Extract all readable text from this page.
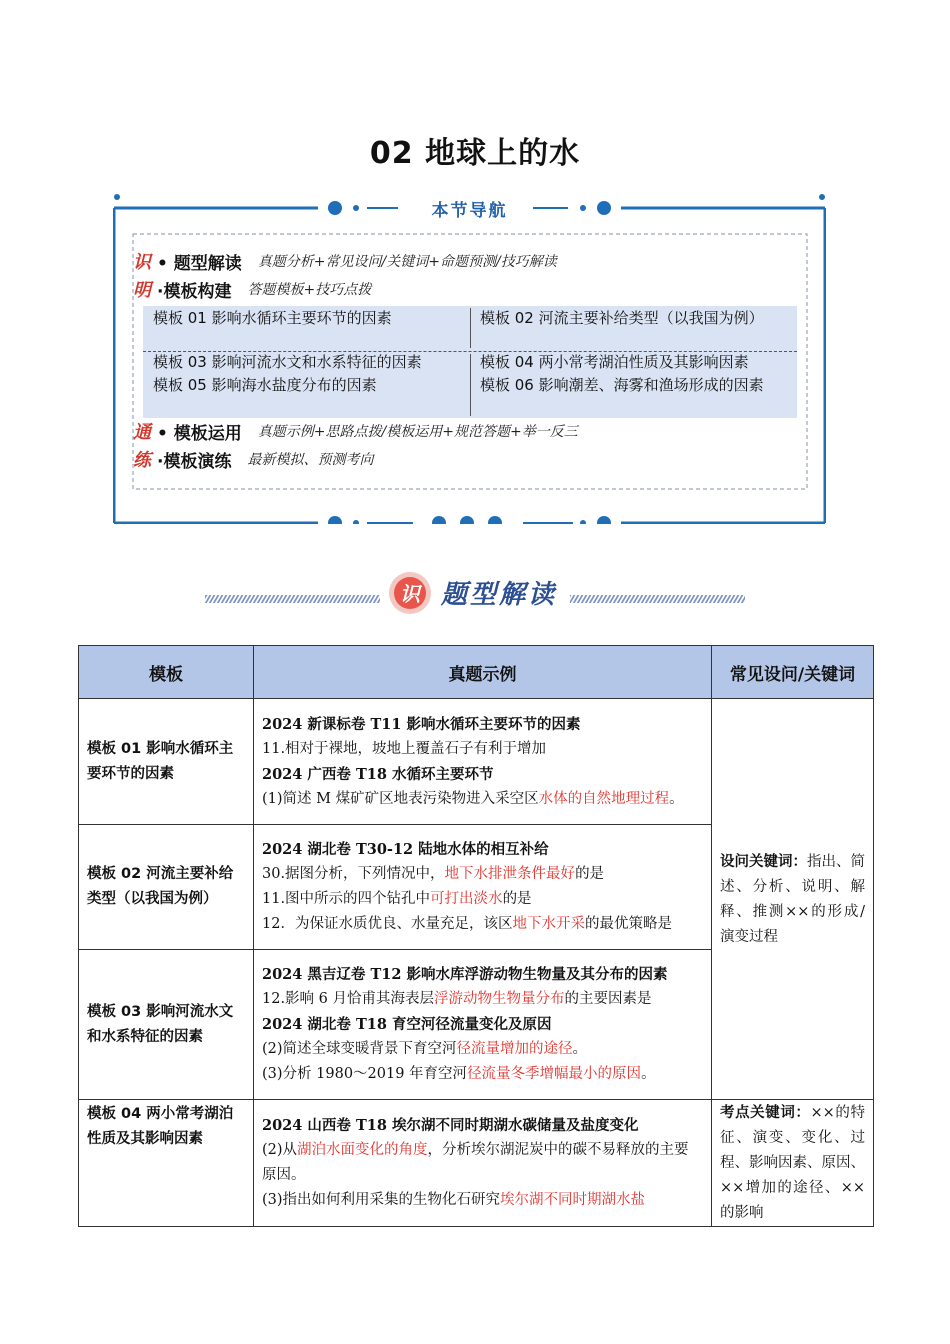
02 地球上的水
本节导航
识 • 题型解读 真题分析+常见设问/关键词+命题预测/技巧解读
明 ·模板构建 答题模板+技巧点拨
模板 01 影响水循环主要环节的因素	模板 02 河流主要补给类型（以我国为例）
模板 03 影响河流水文和水系特征的因素	模板 04 两小常考湖泊性质及其影响因素
模板 05 影响海水盐度分布的因素	模板 06 影响潮差、海雾和渔场形成的因素
通 • 模板运用 真题示例+思路点拨/模板运用+规范答题+举一反三
练 ·模板演练 最新模拟、预测考向
识 题型解读
模板	真题示例	常见设问/关键词
模板 01 影响水循环主要环节的因素	2024 新课标卷 T11 影响水循环主要环节的因素
11.相对于裸地，坡地上覆盖石子有利于增加
2024 广西卷 T18 水循环主要环节
(1)简述 M 煤矿矿区地表污染物进入采空区水体的自然地理过程。	设问关键词：指出、简述、分析、说明、解释、推测××的形成/演变过程
模板 02 河流主要补给类型（以我国为例）	2024 湖北卷 T30-12 陆地水体的相互补给
30.据图分析，下列情况中，地下水排泄条件最好的是
11.图中所示的四个钻孔中可打出淡水的是
12．为保证水质优良、水量充足，该区地下水开采的最优策略是	

模板 03 影响河流水文和水系特征的因素	2024 黑吉辽卷 T12 影响水库浮游动物生物量及其分布的因素
12.影响 6 月恰甫其海表层浮游动物生物量分布的主要因素是
2024 湖北卷 T18 育空河径流量变化及原因
(2)简述全球变暖背景下育空河径流量增加的途径。
(3)分析 1980～2019 年育空河径流量冬季增幅最小的原因。	

模板 04 两小常考湖泊性质及其影响因素	2024 山西卷 T18 埃尔湖不同时期湖水碳储量及盐度变化
(2)从湖泊水面变化的角度，分析埃尔湖泥炭中的碳不易释放的主要原因。
(3)指出如何利用采集的生物化石研究埃尔湖不同时期湖水盐	考点关键词：××的特征、演变、变化、过程、影响因素、原因、××增加的途径、××的影响
